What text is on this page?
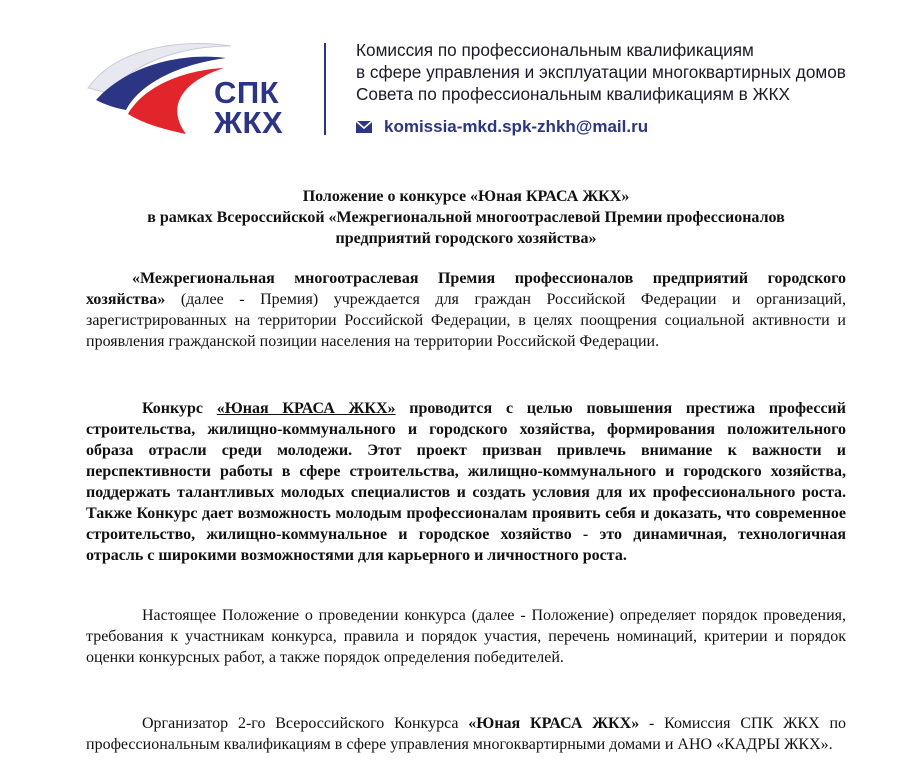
СПК
ЖКХ
Комиссия по профессиональным квалификациям
в сфере управления и эксплуатации многоквартирных домов
Совета по профессиональным квалификациям в ЖКХ
komissia-mkd.spk-zhkh@mail.ru
Положение о конкурсе «Юная КРАСА ЖКХ»
в рамках Всероссийской «Межрегиональной многоотраслевой Премии профессионалов
предприятий городского хозяйства»
«Межрегиональная многоотраслевая Премия профессионалов предприятий городского хозяйства» (далее - Премия) учреждается для граждан Российской Федерации и организаций, зарегистрированных на территории Российской Федерации, в целях поощрения социальной активности и проявления гражданской позиции населения на территории Российской Федерации.
Конкурс «Юная КРАСА ЖКХ» проводится с целью повышения престижа профессий строительства, жилищно-коммунального и городского хозяйства, формирования положительного образа отрасли среди молодежи. Этот проект призван привлечь внимание к важности и перспективности работы в сфере строительства, жилищно-коммунального и городского хозяйства, поддержать талантливых молодых специалистов и создать условия для их профессионального роста. Также Конкурс дает возможность молодым профессионалам проявить себя и доказать, что современное строительство, жилищно-коммунальное и городское хозяйство - это динамичная, технологичная отрасль с широкими возможностями для карьерного и личностного роста.
Настоящее Положение о проведении конкурса (далее - Положение) определяет порядок проведения, требования к участникам конкурса, правила и порядок участия, перечень номинаций, критерии и порядок оценки конкурсных работ, а также порядок определения победителей.
Организатор 2-го Всероссийского Конкурса «Юная КРАСА ЖКХ» - Комиссия СПК ЖКХ по профессиональным квалификациям в сфере управления многоквартирными домами и АНО «КАДРЫ ЖКХ».
